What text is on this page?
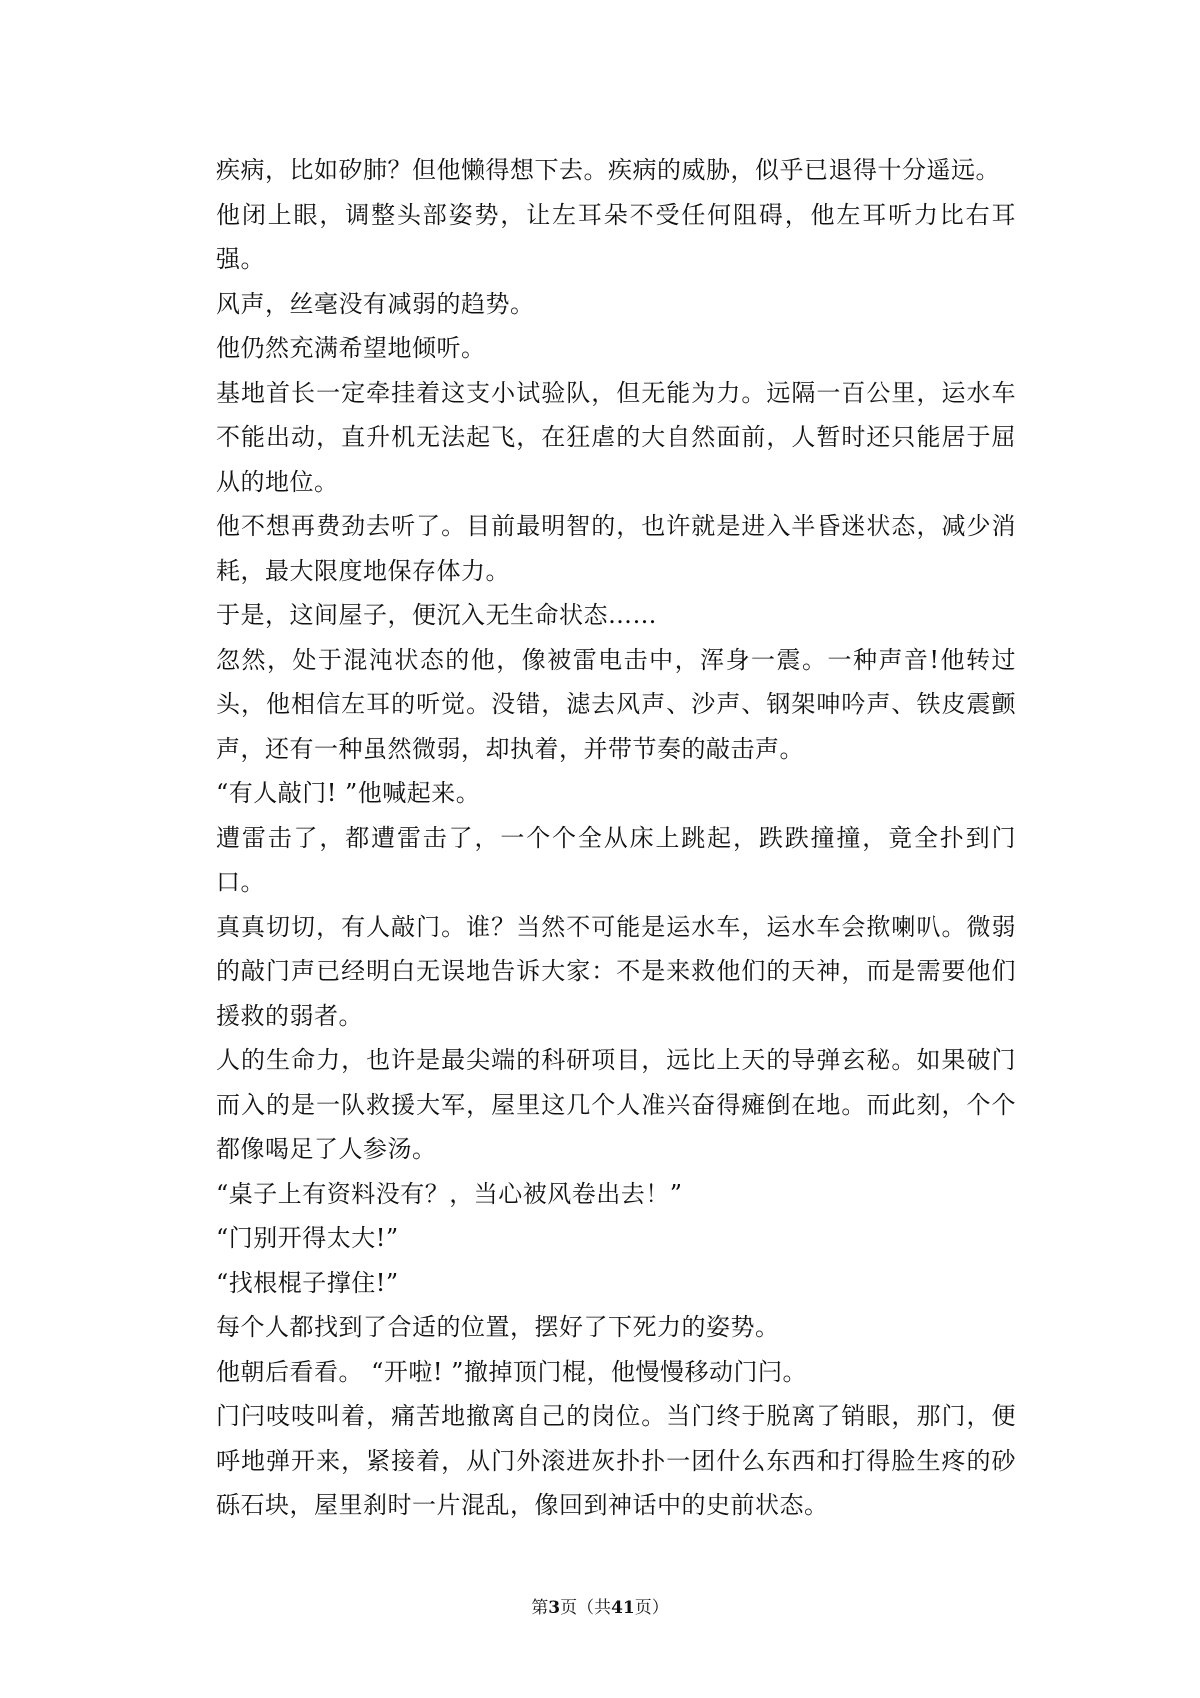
疾病，比如矽肺？但他懒得想下去。疾病的威胁，似乎已退得十分遥远。

他闭上眼，调整头部姿势，让左耳朵不受任何阻碍，他左耳听力比右耳强。

风声，丝毫没有减弱的趋势。

他仍然充满希望地倾听。

基地首长一定牵挂着这支小试验队，但无能为力。远隔一百公里，运水车不能出动，直升机无法起飞，在狂虐的大自然面前，人暂时还只能居于屈从的地位。

他不想再费劲去听了。目前最明智的，也许就是进入半昏迷状态，减少消耗，最大限度地保存体力。

于是，这间屋子，便沉入无生命状态……

忽然，处于混沌状态的他，像被雷电击中，浑身一震。一种声音!他转过头，他相信左耳的听觉。没错，滤去风声、沙声、钢架呻吟声、铁皮震颤声，还有一种虽然微弱，却执着，并带节奏的敲击声。

“有人敲门! ”他喊起来。

遭雷击了，都遭雷击了，一个个全从床上跳起，跌跌撞撞，竟全扑到门口。

真真切切，有人敲门。谁？当然不可能是运水车，运水车会揿喇叭。微弱的敲门声已经明白无误地告诉大家：不是来救他们的天神，而是需要他们援救的弱者。

人的生命力，也许是最尖端的科研项目，远比上天的导弹玄秘。如果破门而入的是一队救援大军，屋里这几个人准兴奋得瘫倒在地。而此刻，个个都像喝足了人参汤。

“桌子上有资料没有？，当心被风卷出去！”

“门别开得太大!”

“找根棍子撑住!”

每个人都找到了合适的位置，摆好了下死力的姿势。

他朝后看看。 “开啦! ”撤掉顶门棍，他慢慢移动门闩。

门闩吱吱叫着，痛苦地撤离自己的岗位。当门终于脱离了销眼，那门，便呼地弹开来，紧接着，从门外滚进灰扑扑一团什么东西和打得脸生疼的砂砾石块，屋里刹时一片混乱，像回到神话中的史前状态。

第3页（共41页）
